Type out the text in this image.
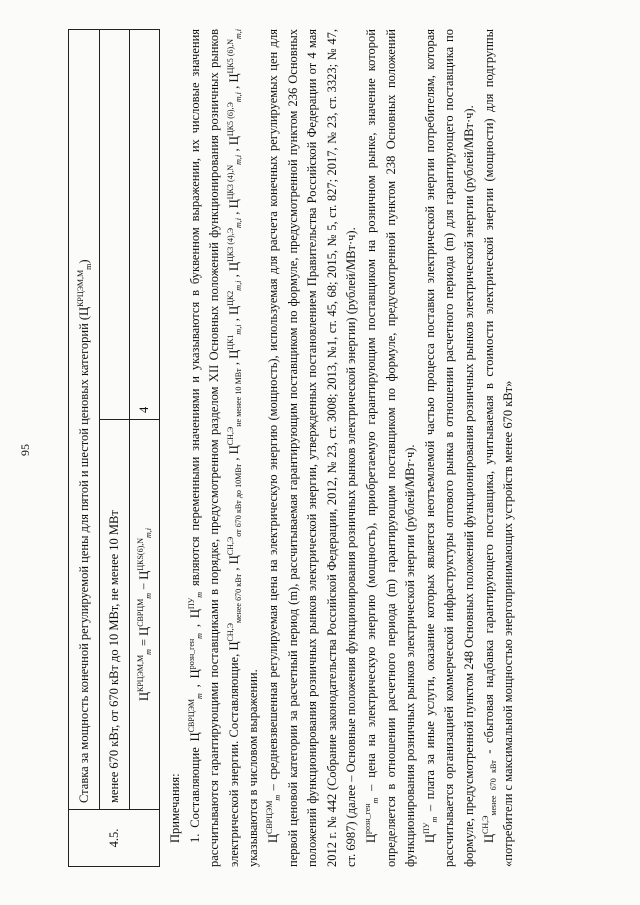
95
4.5.	Ставка за мощность конечной регулируемой цены для пятой и шестой ценовых категорий $(Ц^{КРЦЭМ,М}_m)$	
	менее 670 кВт, от 670 кВт до 10 МВт, не менее 10 МВт	
	$Ц^{КРЦЭМ,М}_m = Ц^{СВРЦМ}_m - Ц^{ЦКS(6),N}_{m,i}$	4

Примечания: 1. Составляющие $Ц^{СВРЦЭМ}_m$ , $Ц^{розн\_ген}_m$ , $Ц^{ПУ}_m$ являются переменными значениями и указываются в буквенном выражении, их числовые значения рассчитываются гарантирующими поставщиками в порядке, предусмотренном разделом XII Основных положений функционирования розничных рынков электрической энергии. Составляющие, $Ц^{СН,Э}_{менее 670 кВт}$ , $Ц^{СН,Э}_{от 670 кВт до 10МВт}$ , $Ц^{СН,Э}_{не менее 10 МВт}$ , $Ц^{ЦК1}_{m,i}$ , $Ц^{ЦК2}_{m,i}$ , $Ц^{ЦК3 (4),Э}_{m,i}$ , $Ц^{ЦК3 (4),N}_{m,i}$ , $Ц^{ЦК5 (6),Э}_{m,i}$ , $Ц^{ЦК5 (6),N}_{m,i}$ указываются в числовом выражении. $Ц^{СВРЦЭМ}_m$ – средневзвешенная регулируемая цена на электрическую энергию (мощность), используемая для расчета конечных регулируемых цен для первой ценовой категории за расчетный период (m), рассчитываемая гарантирующим поставщиком по формуле, предусмотренной пунктом 236 Основных положений функционирования розничных рынков электрической энергии, утвержденных постановлением Правительства Российской Федерации от 4 мая 2012 г. № 442 (Собрание законодательства Российской Федерации, 2012, № 23, ст. 3008; 2013, №1, ст. 45, 68; 2015, № 5, ст. 827; 2017, № 23, ст. 3323; № 47, ст. 6987) (далее – Основные положения функционирования розничных рынков электрической энергии) (рублей/МВт·ч). $Ц^{розн\_ген}_m$ – цена на электрическую энергию (мощность), приобретаемую гарантирующим поставщиком на розничном рынке, значение которой определяется в отношении расчетного периода (m) гарантирующим поставщиком по формуле, предусмотренной пунктом 238 Основных положений функционирования розничных рынков электрической энергии (рублей/МВт·ч). $Ц^{ПУ}_m$ – плата за иные услуги, оказание которых является неотъемлемой частью процесса поставки электрической энергии потребителям, которая рассчитывается организацией коммерческой инфраструктуры оптового рынка в отношении расчетного периода (m) для гарантирующего поставщика по формуле, предусмотренной пунктом 248 Основных положений функционирования розничных рынков электрической энергии (рублей/МВт·ч). $Ц^{СН,Э}_{менее 670 кВт}$ - сбытовая надбавка гарантирующего поставщика, учитываемая в стоимости электрической энергии (мощности) для подгруппы «потребители с максимальной мощностью энергопринимающих устройств менее 670 кВт»
